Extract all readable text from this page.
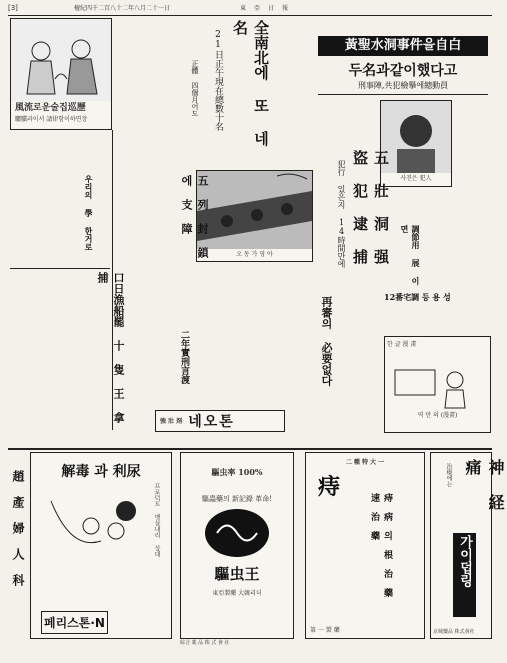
[3]	檀紀四千二百八十二年八月二十一日	東亞日報
風流로운술집巡歷
驪驥과이서 請律함이하면장	全南北에 또 네名
21日正午現在總數十名
正體 四個月어도
黃聖水洞事件을自白
두名과같이했다고
刑事陣,共犯檢擧에總動員
사진은 犯人
五 壯 洞 强 盜 犯 逮 捕
犯行 있은지 14時間만에
우리의 學 한거로
口日漁船罷 十 隻 王 拿 捕
오 동 가 영 아
五 列 封 鎖 에 支 障
再審의 必要없다
二年實刑言渡
調節用 展 이 면
12番宅調 등 용 성
한 글 漫 畫
역 만 의 (漫畫)
強 壯 剤 네오톤
解毒 과 利尿
프로덕트 뱃살내리 상대
페리스톤·N
趙 產 婦 人 科	驅虫率 100%
驅蟲藥의 新記錄 革命!
驅虫王
東亞製藥 大韓리더
綜合 薬 品 株 式 會 社
二 種 特 大 一
痔
痔 病 의 根 治 藥 速 治 藥
第 一 製 藥
神 経 痛
治療에는
가이덥링
京城藥品 株式會社
